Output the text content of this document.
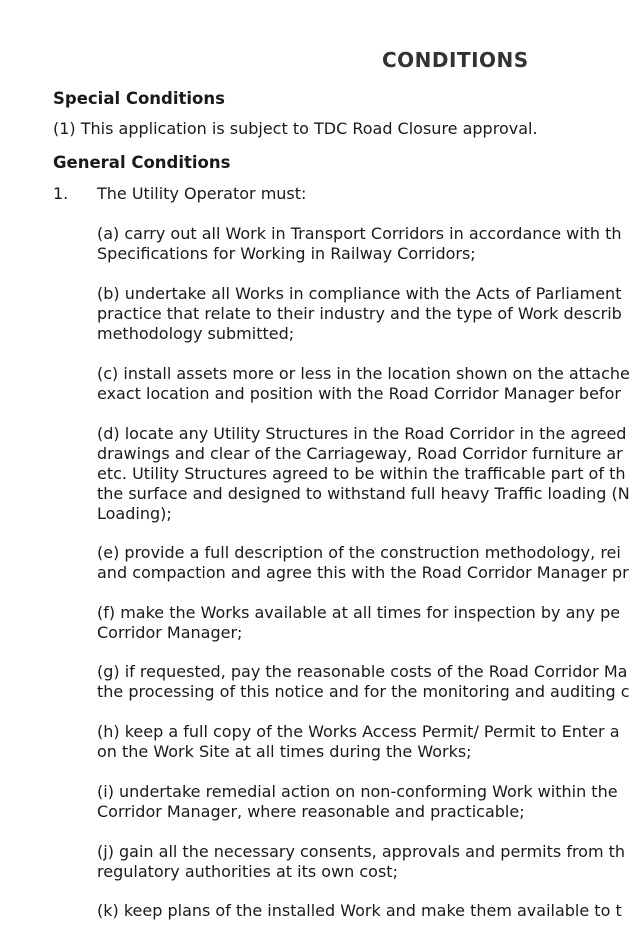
CONDITIONS
Special Conditions
(1) This application is subject to TDC Road Closure approval.
General Conditions
1. The Utility Operator must:
(a) carry out all Work in Transport Corridors in accordance with th
Specifications for Working in Railway Corridors;
(b) undertake all Works in compliance with the Acts of Parliament
practice that relate to their industry and the type of Work describ
methodology submitted;
(c) install assets more or less in the location shown on the attache
exact location and position with the Road Corridor Manager befor
(d) locate any Utility Structures in the Road Corridor in the agreed
drawings and clear of the Carriageway, Road Corridor furniture ar
etc. Utility Structures agreed to be within the trafficable part of th
the surface and designed to withstand full heavy Traffic loading (N
Loading);
(e) provide a full description of the construction methodology, rei
and compaction and agree this with the Road Corridor Manager pr
(f) make the Works available at all times for inspection by any pe
Corridor Manager;
(g) if requested, pay the reasonable costs of the Road Corridor Ma
the processing of this notice and for the monitoring and auditing c
(h) keep a full copy of the Works Access Permit/ Permit to Enter a
on the Work Site at all times during the Works;
(i) undertake remedial action on non-conforming Work within the
Corridor Manager, where reasonable and practicable;
(j) gain all the necessary consents, approvals and permits from th
regulatory authorities at its own cost;
(k) keep plans of the installed Work and make them available to t
